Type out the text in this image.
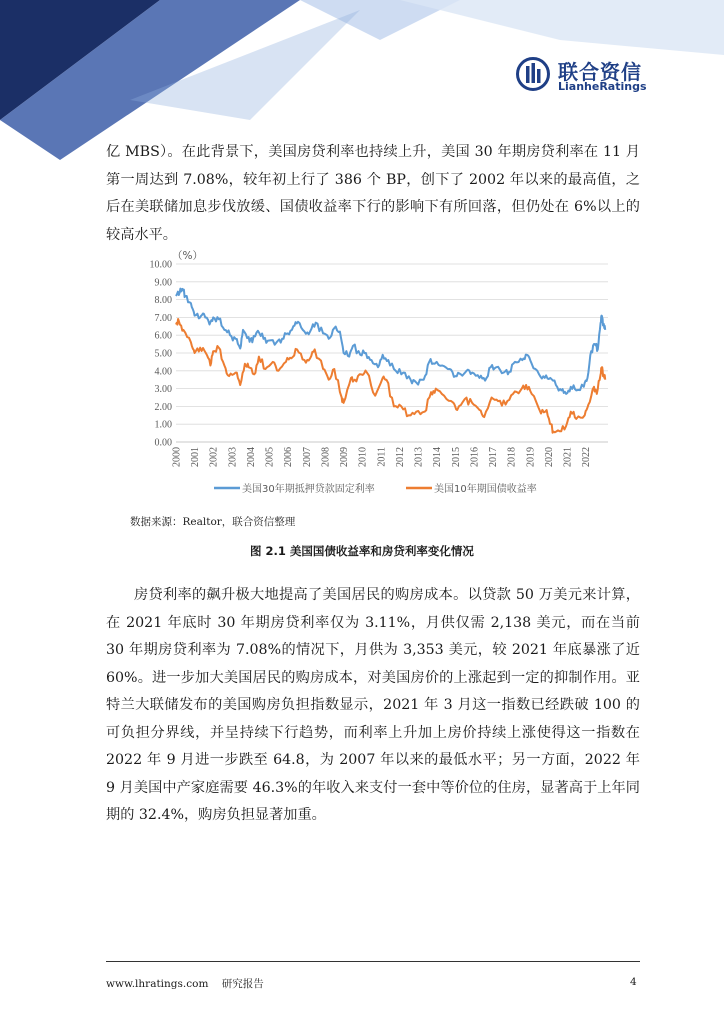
联合资信
LianheRatings

亿 MBS）。在此背景下，美国房贷利率也持续上升，美国 30 年期房贷利率在 11 月第一周达到 7.08%，较年初上行了 386 个 BP，创下了 2002 年以来的最高值，之后在美联储加息步伐放缓、国债收益率下行的影响下有所回落，但仍处在 6%以上的较高水平。

10.00
9.00
8.00
7.00
6.00
5.00
4.00
3.00
2.00
1.00
0.00
（%）
2000 2001 2002 2003 2004 2005 2006 2007 2008 2009 2010 2011 2012 2013 2014 2015 2016 2017 2018 2019 2020 2021 2022
美国30年期抵押贷款固定利率	美国10年期国债收益率
数据来源：Realtor，联合资信整理
图 2.1 美国国债收益率和房贷利率变化情况

房贷利率的飙升极大地提高了美国居民的购房成本。以贷款 50 万美元来计算，在 2021 年底时 30 年期房贷利率仅为 3.11%，月供仅需 2,138 美元，而在当前 30 年期房贷利率为 7.08%的情况下，月供为 3,353 美元，较 2021 年底暴涨了近 60%。进一步加大美国居民的购房成本，对美国房价的上涨起到一定的抑制作用。亚特兰大联储发布的美国购房负担指数显示，2021 年 3 月这一指数已经跌破 100 的可负担分界线，并呈持续下行趋势，而利率上升加上房价持续上涨使得这一指数在 2022 年 9 月进一步跌至 64.8，为 2007 年以来的最低水平；另一方面，2022 年 9 月美国中产家庭需要 46.3%的年收入来支付一套中等价位的住房，显著高于上年同期的 32.4%，购房负担显著加重。

www.lhratings.com 研究报告	4
